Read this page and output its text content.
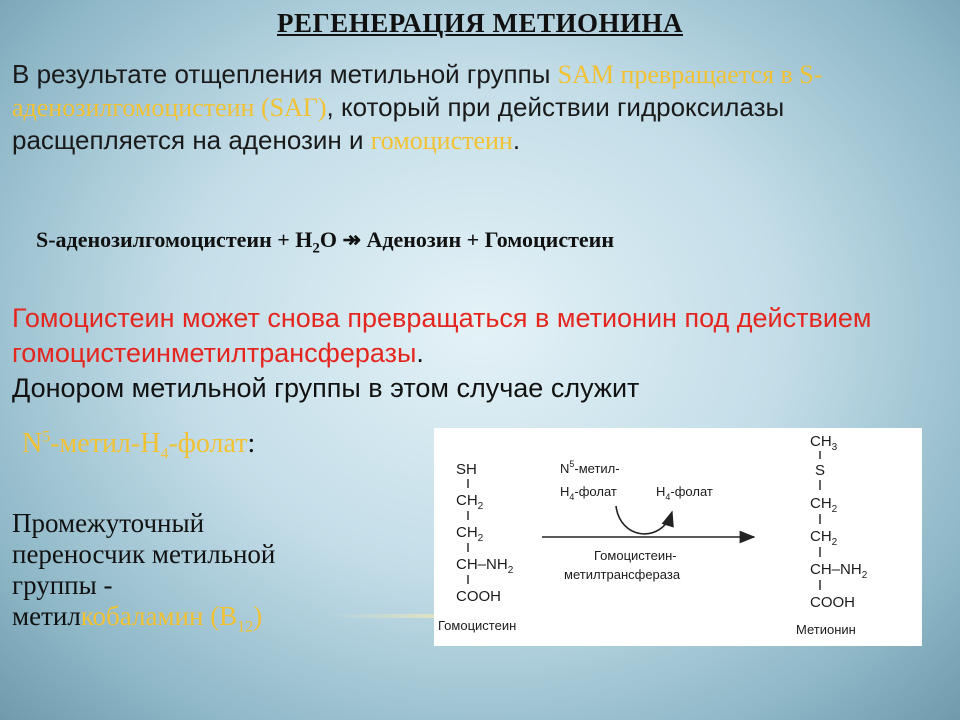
РЕГЕНЕРАЦИЯ МЕТИОНИНА
В результате отщепления метильной группы SAM превращается в S-аденозилгомоцистеин (SAГ), который при действии гидроксилазы расщепляется на аденозин и гомоцистеин.
S-аденозилгомоцистеин + $H_2O$ ↠ Аденозин + Гомоцистеин
Гомоцистеин может снова превращаться в метионин под действием гомоцистеинметилтрансферазы.
Донором метильной группы в этом случае служит
$N^5-метил-H_4$-фолат:
Промежуточный
переносчик метильной
группы -
метилкобаламин $(B_{12})$
SH
$CH_2$
$CH_2$
$CH-NH_2$
COOH
Гомоцистеин
$N^5-метил-$
$H_4$-фолат	$H_4$-фолат
Гомоцистеин-
метилтрансфераза
$CH_3$
S
$CH_2$
$CH_2$
$CH-NH_2$
COOH
Метионин
